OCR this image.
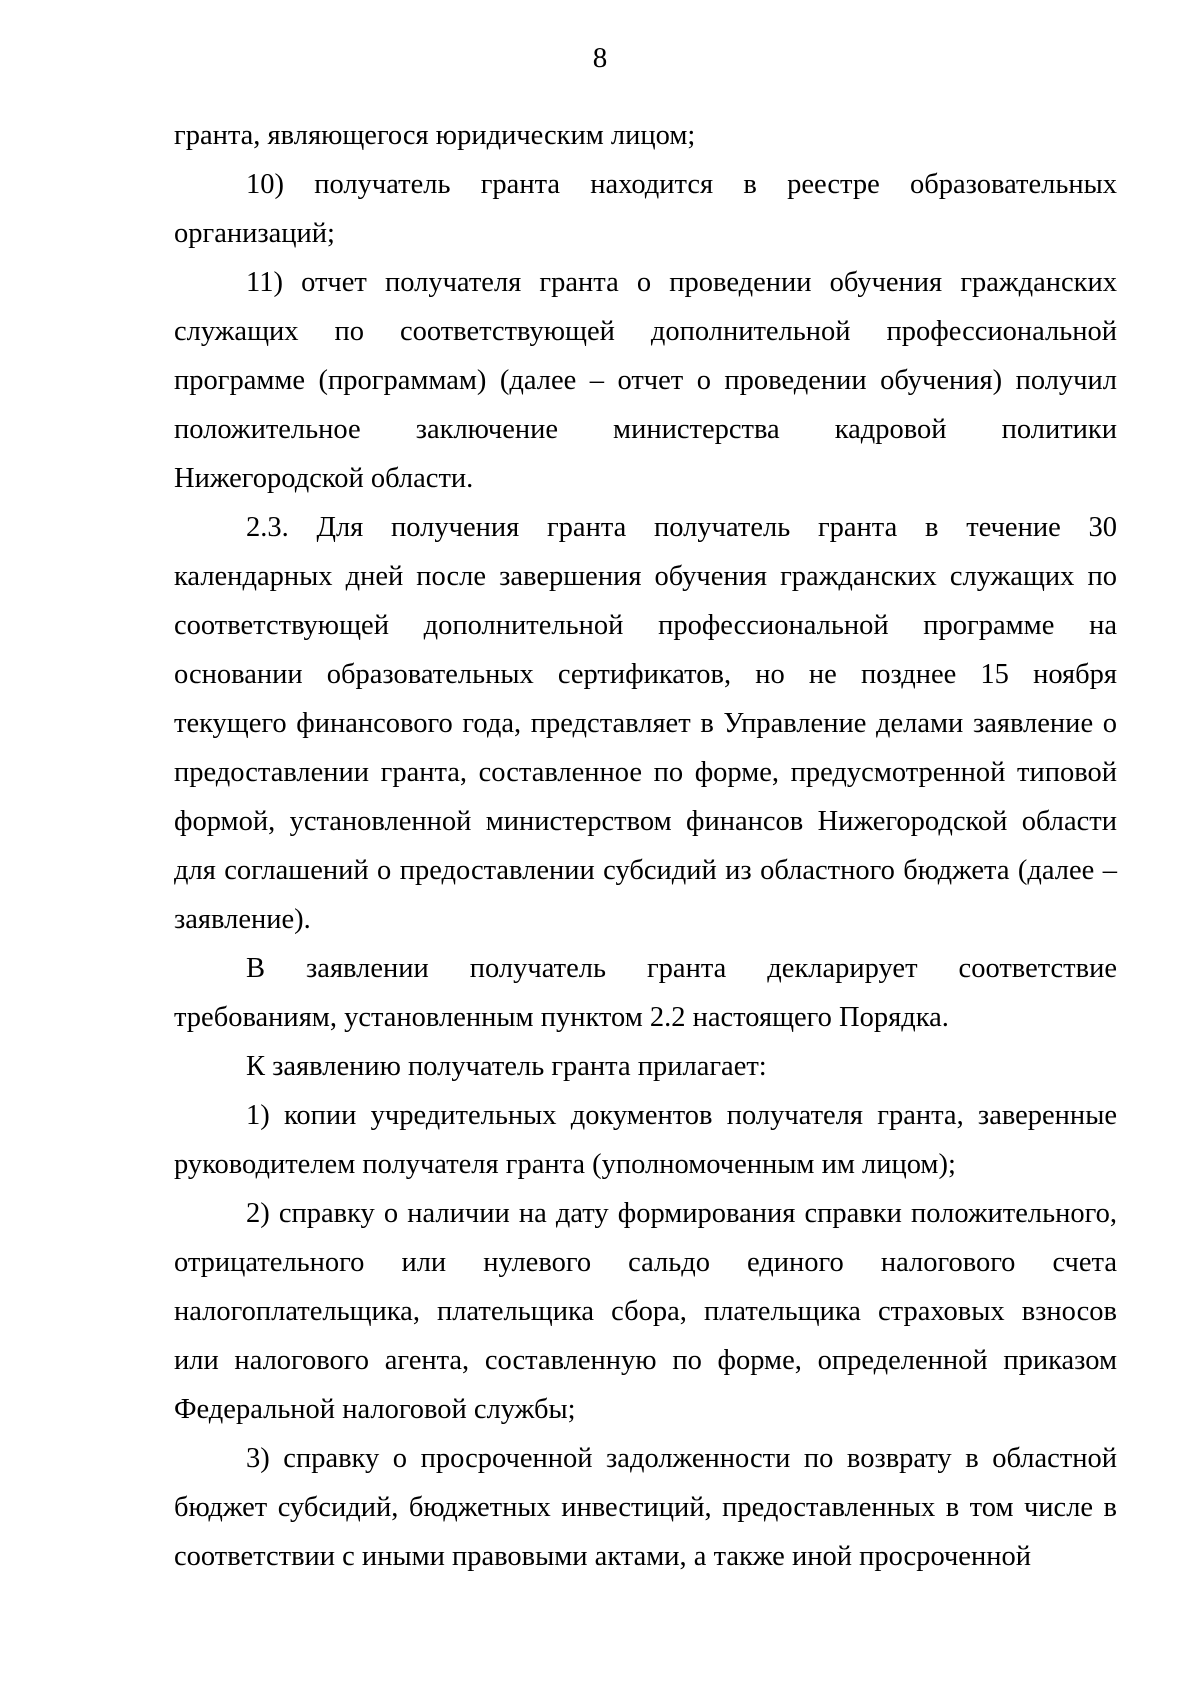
8

гранта, являющегося юридическим лицом;

10) получатель гранта находится в реестре образовательных организаций;

11) отчет получателя гранта о проведении обучения гражданских служащих по соответствующей дополнительной профессиональной программе (программам) (далее – отчет о проведении обучения) получил положительное заключение министерства кадровой политики Нижегородской области.

2.3. Для получения гранта получатель гранта в течение 30 календарных дней после завершения обучения гражданских служащих по соответствующей дополнительной профессиональной программе на основании образовательных сертификатов, но не позднее 15 ноября текущего финансового года, представляет в Управление делами заявление о предоставлении гранта, составленное по форме, предусмотренной типовой формой, установленной министерством финансов Нижегородской области для соглашений о предоставлении субсидий из областного бюджета (далее – заявление).

В заявлении получатель гранта декларирует соответствие требованиям, установленным пунктом 2.2 настоящего Порядка.

К заявлению получатель гранта прилагает:

1) копии учредительных документов получателя гранта, заверенные руководителем получателя гранта (уполномоченным им лицом);

2) справку о наличии на дату формирования справки положительного, отрицательного или нулевого сальдо единого налогового счета налогоплательщика, плательщика сбора, плательщика страховых взносов или налогового агента, составленную по форме, определенной приказом Федеральной налоговой службы;

3) справку о просроченной задолженности по возврату в областной бюджет субсидий, бюджетных инвестиций, предоставленных в том числе в соответствии с иными правовыми актами, а также иной просроченной
